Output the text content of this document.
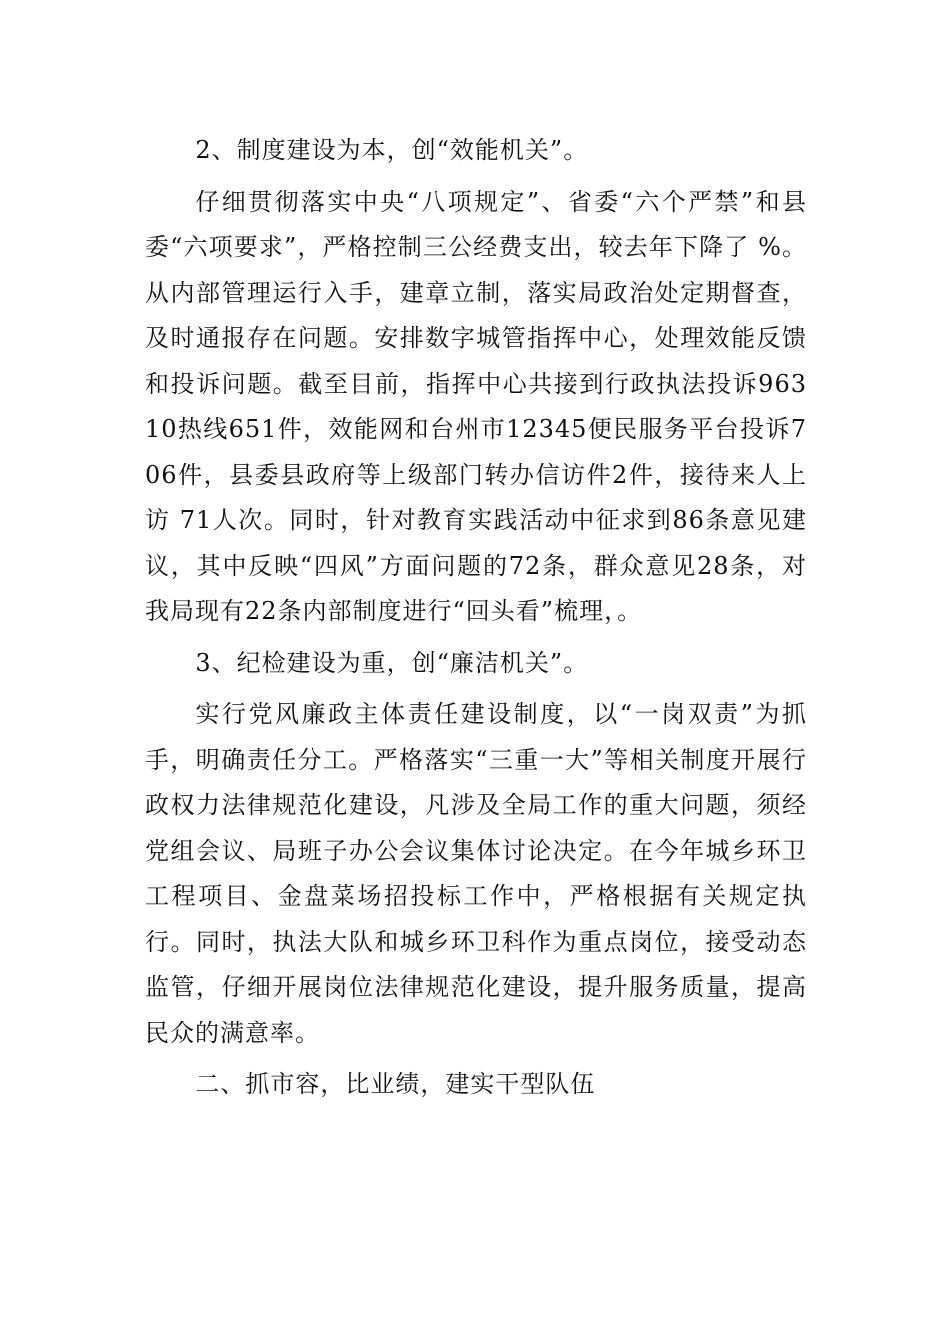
2、制度建设为本，创“效能机关”。

仔细贯彻落实中央“八项规定”、省委“六个严禁”和县委“六项要求”，严格控制三公经费支出，较去年下降了 %。从内部管理运行入手，建章立制，落实局政治处定期督查，及时通报存在问题。安排数字城管指挥中心，处理效能反馈和投诉问题。截至目前，指挥中心共接到行政执法投诉96310热线651件，效能网和台州市12345便民服务平台投诉706件，县委县政府等上级部门转办信访件2件，接待来人上访 71人次。同时，针对教育实践活动中征求到86条意见建议，其中反映“四风”方面问题的72条，群众意见28条，对我局现有22条内部制度进行“回头看”梳理，。

3、纪检建设为重，创“廉洁机关”。

实行党风廉政主体责任建设制度，以“一岗双责”为抓手，明确责任分工。严格落实“三重一大”等相关制度开展行政权力法律规范化建设，凡涉及全局工作的重大问题，须经党组会议、局班子办公会议集体讨论决定。在今年城乡环卫工程项目、金盘菜场招投标工作中，严格根据有关规定执行。同时，执法大队和城乡环卫科作为重点岗位，接受动态监管，仔细开展岗位法律规范化建设，提升服务质量，提高民众的满意率。

二、抓市容，比业绩，建实干型队伍
